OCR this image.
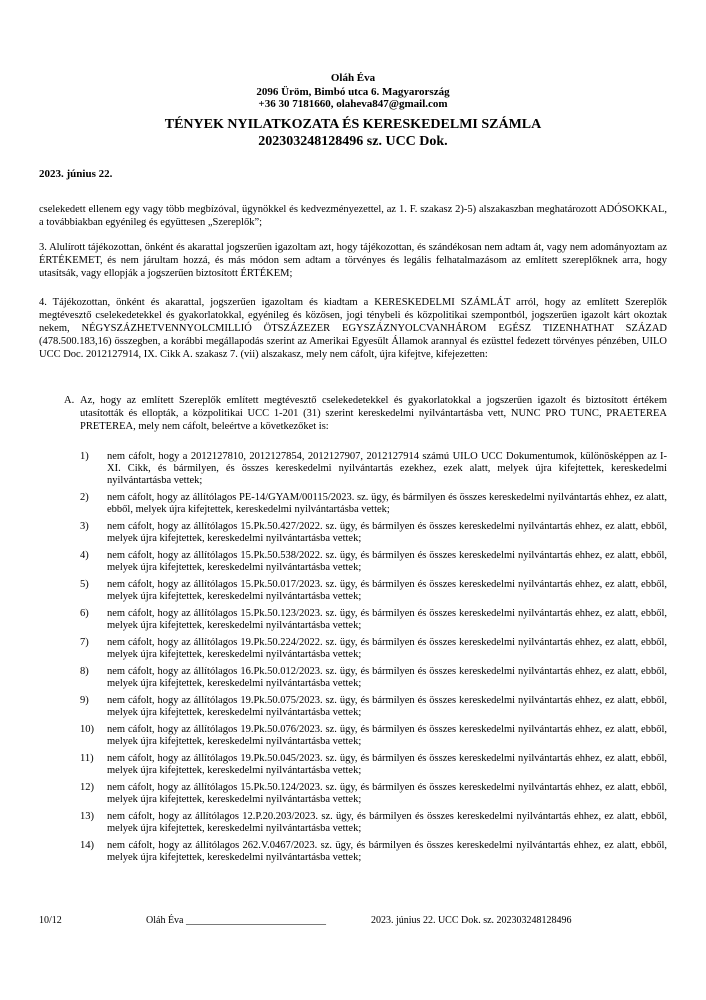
Oláh Éva
2096 Üröm, Bimbó utca 6. Magyarország
+36 30 7181660, olaheva847@gmail.com
TÉNYEK NYILATKOZATA ÉS KERESKEDELMI SZÁMLA
202303248128496 sz. UCC Dok.
2023. június 22.
cselekedett ellenem egy vagy több megbízóval, ügynökkel és kedvezményezettel, az 1. F. szakasz 2)-5) alszakaszban meghatározott ADÓSOKKAL, a továbbiakban egyénileg és együttesen „Szereplők”;
3. Alulírott tájékozottan, önként és akarattal jogszerűen igazoltam azt, hogy tájékozottan, és szándékosan nem adtam át, vagy nem adományoztam az ÉRTÉKEMET, és nem járultam hozzá, és más módon sem adtam a törvényes és legális felhatalmazásom az említett szereplőknek arra, hogy utasítsák, vagy ellopják a jogszerűen biztosított ÉRTÉKEM;
4. Tájékozottan, önként és akarattal, jogszerűen igazoltam és kiadtam a KERESKEDELMI SZÁMLÁT arról, hogy az említett Szereplők megtévesztő cselekedetekkel és gyakorlatokkal, egyénileg és közösen, jogi ténybeli és közpolitikai szempontból, jogszerűen igazolt kárt okoztak nekem, NÉGYSZÁZHETVENNYOLCMILLIÓ ÖTSZÁZEZER EGYSZÁZNYOLCVANHÁROM EGÉSZ TIZENHATHAT SZÁZAD (478.500.183,16) összegben, a korábbi megállapodás szerint az Amerikai Egyesült Államok arannyal és ezüsttel fedezett törvényes pénzében, UILO UCC Doc. 2012127914, IX. Cikk A. szakasz 7. (vii) alszakasz, mely nem cáfolt, újra kifejtve, kifejezetten:
A. Az, hogy az említett Szereplők említett megtévesztő cselekedetekkel és gyakorlatokkal a jogszerűen igazolt és biztosított értékem utasították és ellopták, a közpolitikai UCC 1-201 (31) szerint kereskedelmi nyilvántartásba vett, NUNC PRO TUNC, PRAETEREA PRETEREA, mely nem cáfolt, beleértve a következőket is:
1) nem cáfolt, hogy a 2012127810, 2012127854, 2012127907, 2012127914 számú UILO UCC Dokumentumok, különösképpen az I-XI. Cikk, és bármilyen, és összes kereskedelmi nyilvántartás ezekhez, ezek alatt, melyek újra kifejtettek, kereskedelmi nyilvántartásba vettek;
2) nem cáfolt, hogy az állítólagos PE-14/GYAM/00115/2023. sz. ügy, és bármilyen és összes kereskedelmi nyilvántartás ehhez, ez alatt, ebből, melyek újra kifejtettek, kereskedelmi nyilvántartásba vettek;
3) nem cáfolt, hogy az állítólagos 15.Pk.50.427/2022. sz. ügy, és bármilyen és összes kereskedelmi nyilvántartás ehhez, ez alatt, ebből, melyek újra kifejtettek, kereskedelmi nyilvántartásba vettek;
4) nem cáfolt, hogy az állítólagos 15.Pk.50.538/2022. sz. ügy, és bármilyen és összes kereskedelmi nyilvántartás ehhez, ez alatt, ebből, melyek újra kifejtettek, kereskedelmi nyilvántartásba vettek;
5) nem cáfolt, hogy az állítólagos 15.Pk.50.017/2023. sz. ügy, és bármilyen és összes kereskedelmi nyilvántartás ehhez, ez alatt, ebből, melyek újra kifejtettek, kereskedelmi nyilvántartásba vettek;
6) nem cáfolt, hogy az állítólagos 15.Pk.50.123/2023. sz. ügy, és bármilyen és összes kereskedelmi nyilvántartás ehhez, ez alatt, ebből, melyek újra kifejtettek, kereskedelmi nyilvántartásba vettek;
7) nem cáfolt, hogy az állítólagos 19.Pk.50.224/2022. sz. ügy, és bármilyen és összes kereskedelmi nyilvántartás ehhez, ez alatt, ebből, melyek újra kifejtettek, kereskedelmi nyilvántartásba vettek;
8) nem cáfolt, hogy az állítólagos 16.Pk.50.012/2023. sz. ügy, és bármilyen és összes kereskedelmi nyilvántartás ehhez, ez alatt, ebből, melyek újra kifejtettek, kereskedelmi nyilvántartásba vettek;
9) nem cáfolt, hogy az állítólagos 19.Pk.50.075/2023. sz. ügy, és bármilyen és összes kereskedelmi nyilvántartás ehhez, ez alatt, ebből, melyek újra kifejtettek, kereskedelmi nyilvántartásba vettek;
10) nem cáfolt, hogy az állítólagos 19.Pk.50.076/2023. sz. ügy, és bármilyen és összes kereskedelmi nyilvántartás ehhez, ez alatt, ebből, melyek újra kifejtettek, kereskedelmi nyilvántartásba vettek;
11) nem cáfolt, hogy az állítólagos 19.Pk.50.045/2023. sz. ügy, és bármilyen és összes kereskedelmi nyilvántartás ehhez, ez alatt, ebből, melyek újra kifejtettek, kereskedelmi nyilvántartásba vettek;
12) nem cáfolt, hogy az állítólagos 15.Pk.50.124/2023. sz. ügy, és bármilyen és összes kereskedelmi nyilvántartás ehhez, ez alatt, ebből, melyek újra kifejtettek, kereskedelmi nyilvántartásba vettek;
13) nem cáfolt, hogy az állítólagos 12.P.20.203/2023. sz. ügy, és bármilyen és összes kereskedelmi nyilvántartás ehhez, ez alatt, ebből, melyek újra kifejtettek, kereskedelmi nyilvántartásba vettek;
14) nem cáfolt, hogy az állítólagos 262.V.0467/2023. sz. ügy, és bármilyen és összes kereskedelmi nyilvántartás ehhez, ez alatt, ebből, melyek újra kifejtettek, kereskedelmi nyilvántartásba vettek;
10/12	Oláh Éva ____________________________	2023. június 22. UCC Dok. sz. 202303248128496
